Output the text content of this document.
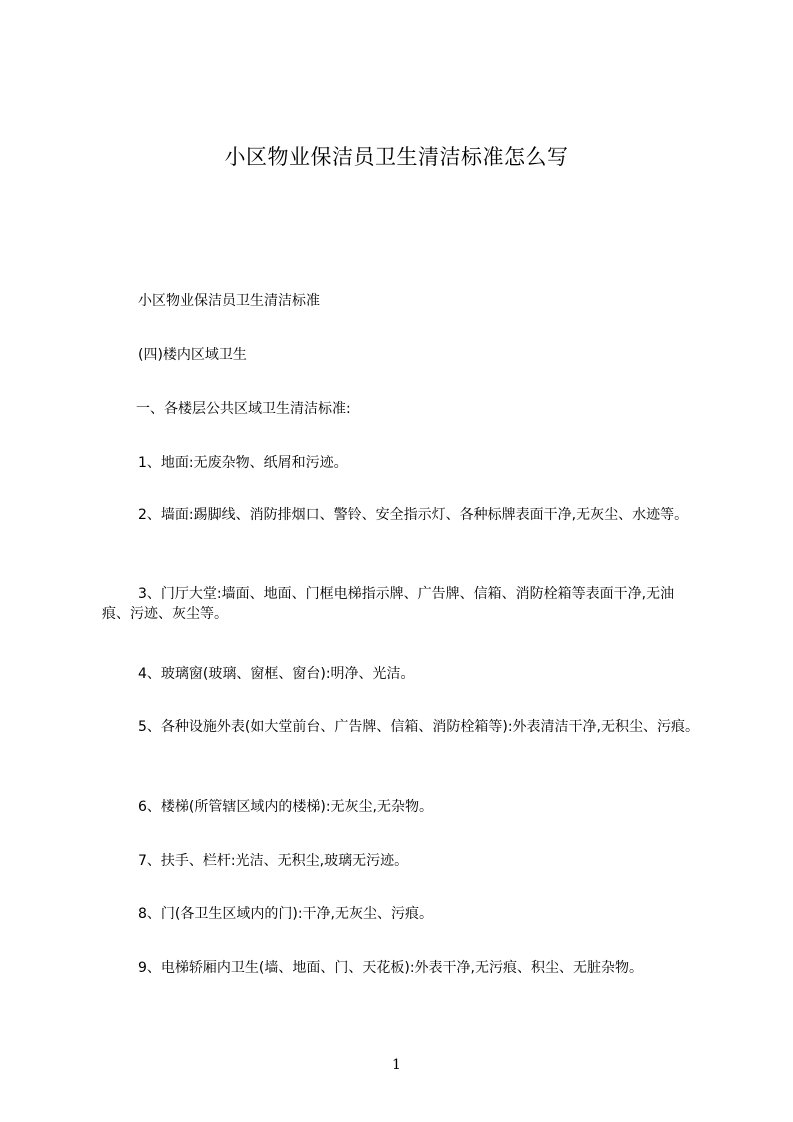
小区物业保洁员卫生清洁标准怎么写
小区物业保洁员卫生清洁标准
(四)楼内区域卫生
一、各楼层公共区域卫生清洁标准:
1、地面:无废杂物、纸屑和污迹。
2、墙面:踢脚线、消防排烟口、警铃、安全指示灯、各种标牌表面干净,无灰尘、水迹等。
3、门厅大堂:墙面、地面、门框电梯指示牌、广告牌、信箱、消防栓箱等表面干净,无油痕、污迹、灰尘等。
4、玻璃窗(玻璃、窗框、窗台):明净、光洁。
5、各种设施外表(如大堂前台、广告牌、信箱、消防栓箱等):外表清洁干净,无积尘、污痕。
6、楼梯(所管辖区域内的楼梯):无灰尘,无杂物。
7、扶手、栏杆:光洁、无积尘,玻璃无污迹。
8、门(各卫生区域内的门):干净,无灰尘、污痕。
9、电梯轿厢内卫生(墙、地面、门、天花板):外表干净,无污痕、积尘、无脏杂物。
1
